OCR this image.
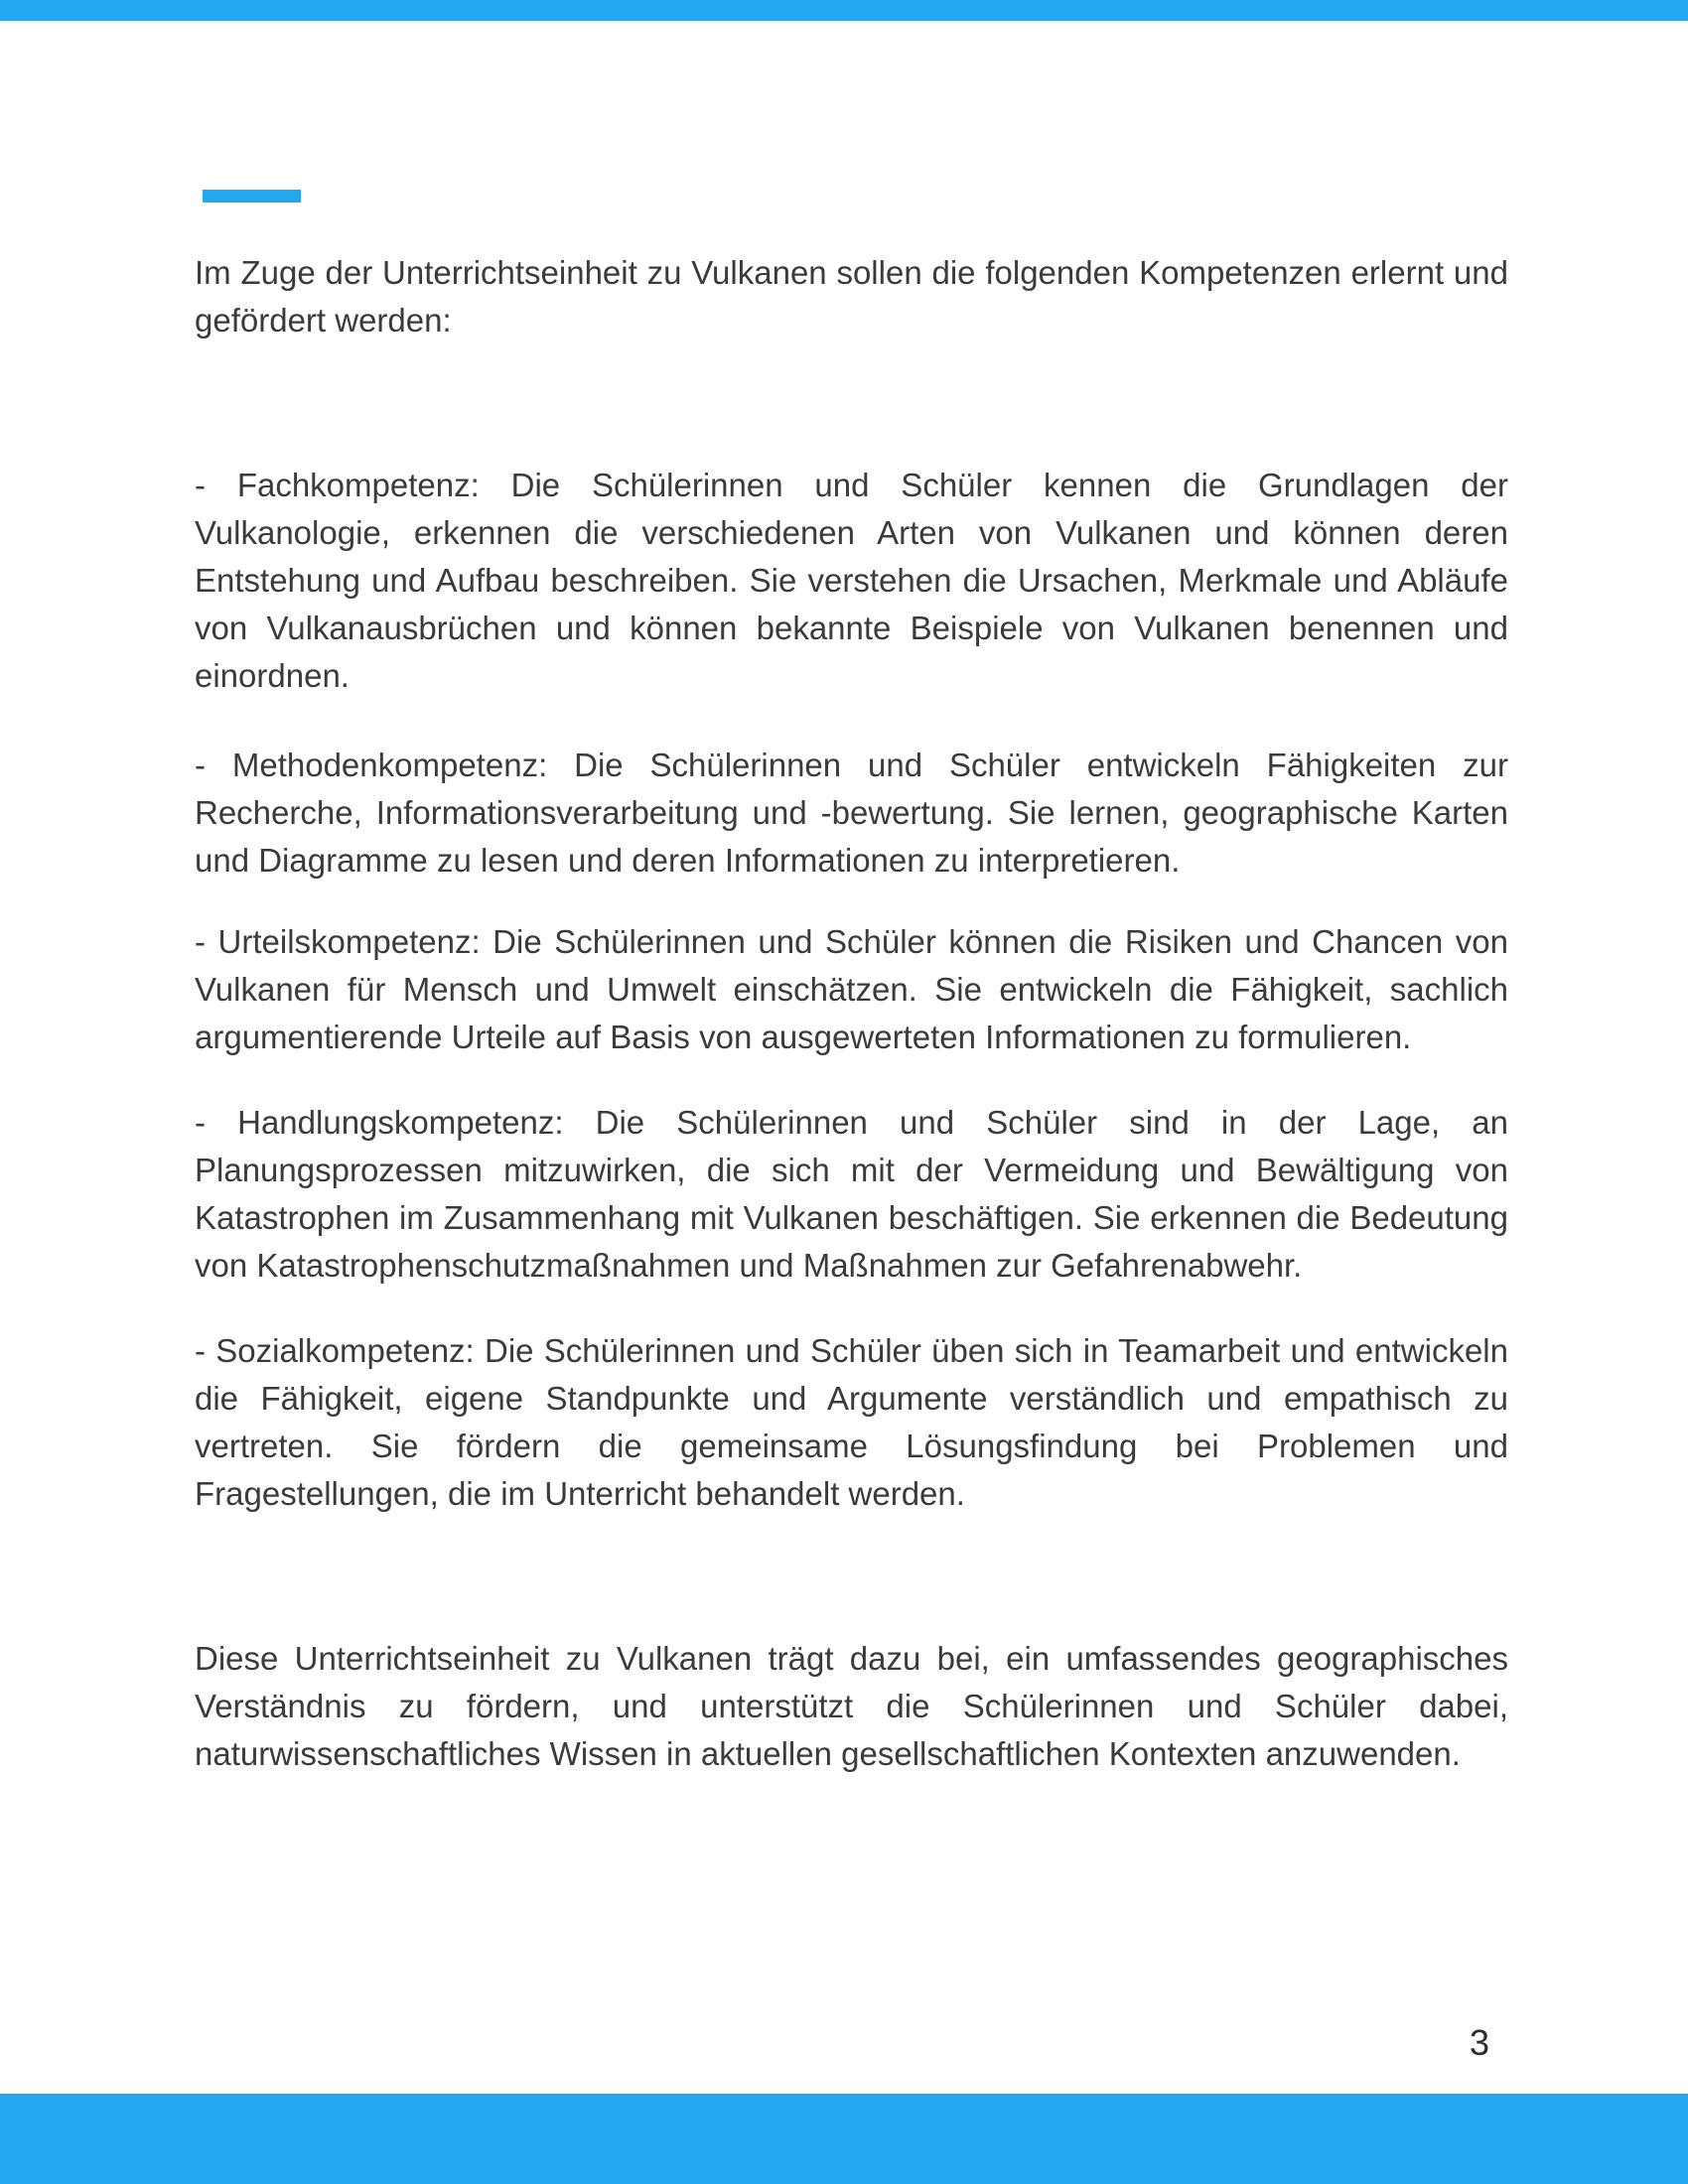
Im Zuge der Unterrichtseinheit zu Vulkanen sollen die folgenden Kompetenzen erlernt und gefördert werden:

- Fachkompetenz: Die Schülerinnen und Schüler kennen die Grundlagen der Vulkanologie, erkennen die verschiedenen Arten von Vulkanen und können deren Entstehung und Aufbau beschreiben. Sie verstehen die Ursachen, Merkmale und Abläufe von Vulkanausbrüchen und können bekannte Beispiele von Vulkanen benennen und einordnen.

- Methodenkompetenz: Die Schülerinnen und Schüler entwickeln Fähigkeiten zur Recherche, Informationsverarbeitung und -bewertung. Sie lernen, geographische Karten und Diagramme zu lesen und deren Informationen zu interpretieren.

- Urteilskompetenz: Die Schülerinnen und Schüler können die Risiken und Chancen von Vulkanen für Mensch und Umwelt einschätzen. Sie entwickeln die Fähigkeit, sachlich argumentierende Urteile auf Basis von ausgewerteten Informationen zu formulieren.

- Handlungskompetenz: Die Schülerinnen und Schüler sind in der Lage, an Planungsprozessen mitzuwirken, die sich mit der Vermeidung und Bewältigung von Katastrophen im Zusammenhang mit Vulkanen beschäftigen. Sie erkennen die Bedeutung von Katastrophenschutzmaßnahmen und Maßnahmen zur Gefahrenabwehr.

- Sozialkompetenz: Die Schülerinnen und Schüler üben sich in Teamarbeit und entwickeln die Fähigkeit, eigene Standpunkte und Argumente verständlich und empathisch zu vertreten. Sie fördern die gemeinsame Lösungsfindung bei Problemen und Fragestellungen, die im Unterricht behandelt werden.

Diese Unterrichtseinheit zu Vulkanen trägt dazu bei, ein umfassendes geographisches Verständnis zu fördern, und unterstützt die Schülerinnen und Schüler dabei, naturwissenschaftliches Wissen in aktuellen gesellschaftlichen Kontexten anzuwenden.

3
